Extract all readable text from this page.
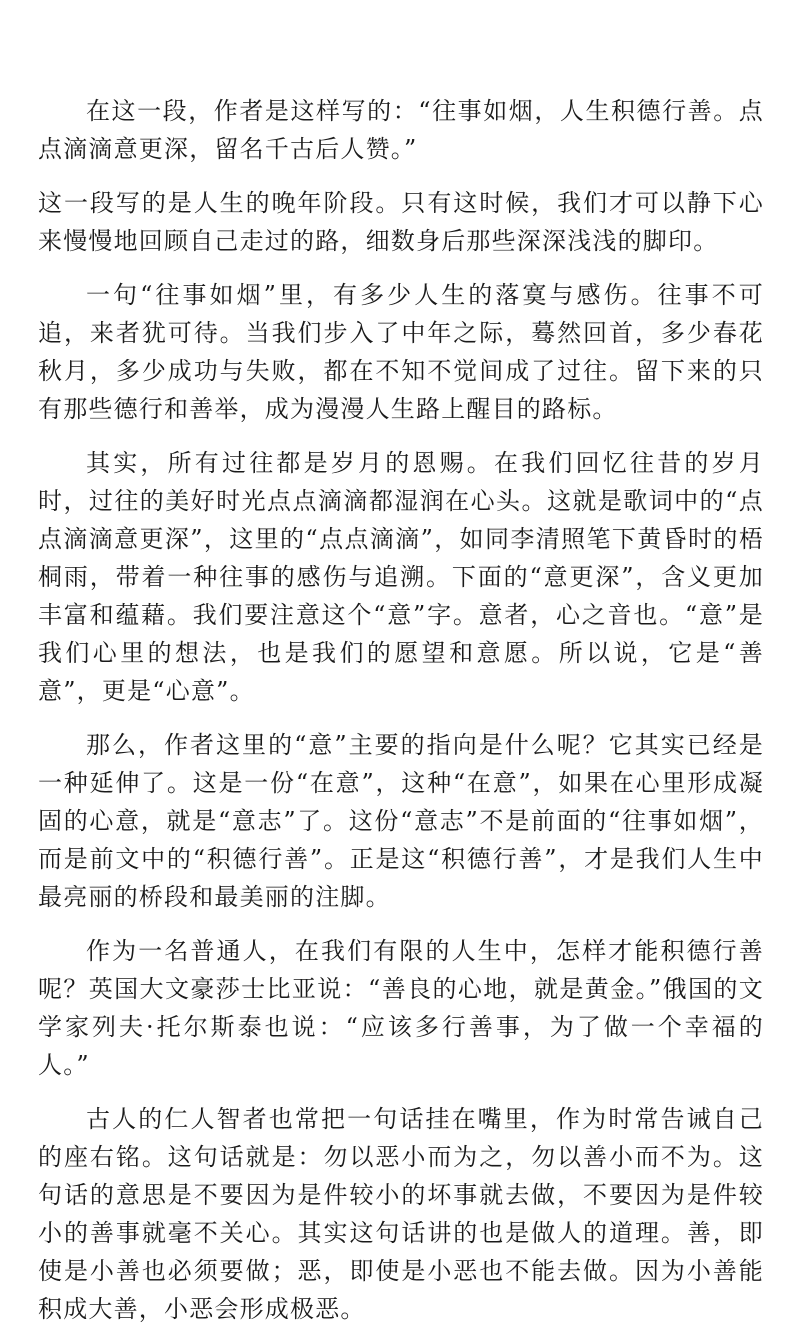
在这一段，作者是这样写的：“往事如烟，人生积德行善。点点滴滴意更深，留名千古后人赞。”

这一段写的是人生的晚年阶段。只有这时候，我们才可以静下心来慢慢地回顾自己走过的路，细数身后那些深深浅浅的脚印。

一句“往事如烟”里，有多少人生的落寞与感伤。往事不可追，来者犹可待。当我们步入了中年之际，蓦然回首，多少春花秋月，多少成功与失败，都在不知不觉间成了过往。留下来的只有那些德行和善举，成为漫漫人生路上醒目的路标。

其实，所有过往都是岁月的恩赐。在我们回忆往昔的岁月时，过往的美好时光点点滴滴都湿润在心头。这就是歌词中的“点点滴滴意更深”，这里的“点点滴滴”，如同李清照笔下黄昏时的梧桐雨，带着一种往事的感伤与追溯。下面的“意更深”，含义更加丰富和蕴藉。我们要注意这个“意”字。意者，心之音也。“意”是我们心里的想法，也是我们的愿望和意愿。所以说，它是“善意”，更是“心意”。

那么，作者这里的“意”主要的指向是什么呢？它其实已经是一种延伸了。这是一份“在意”，这种“在意”，如果在心里形成凝固的心意，就是“意志”了。这份“意志”不是前面的“往事如烟”，而是前文中的“积德行善”。正是这“积德行善”，才是我们人生中最亮丽的桥段和最美丽的注脚。

作为一名普通人，在我们有限的人生中，怎样才能积德行善呢？英国大文豪莎士比亚说：“善良的心地，就是黄金。”俄国的文学家列夫·托尔斯泰也说：“应该多行善事，为了做一个幸福的人。”

古人的仁人智者也常把一句话挂在嘴里，作为时常告诫自己的座右铭。这句话就是：勿以恶小而为之，勿以善小而不为。这句话的意思是不要因为是件较小的坏事就去做，不要因为是件较小的善事就毫不关心。其实这句话讲的也是做人的道理。善，即使是小善也必须要做；恶，即使是小恶也不能去做。因为小善能积成大善，小恶会形成极恶。
